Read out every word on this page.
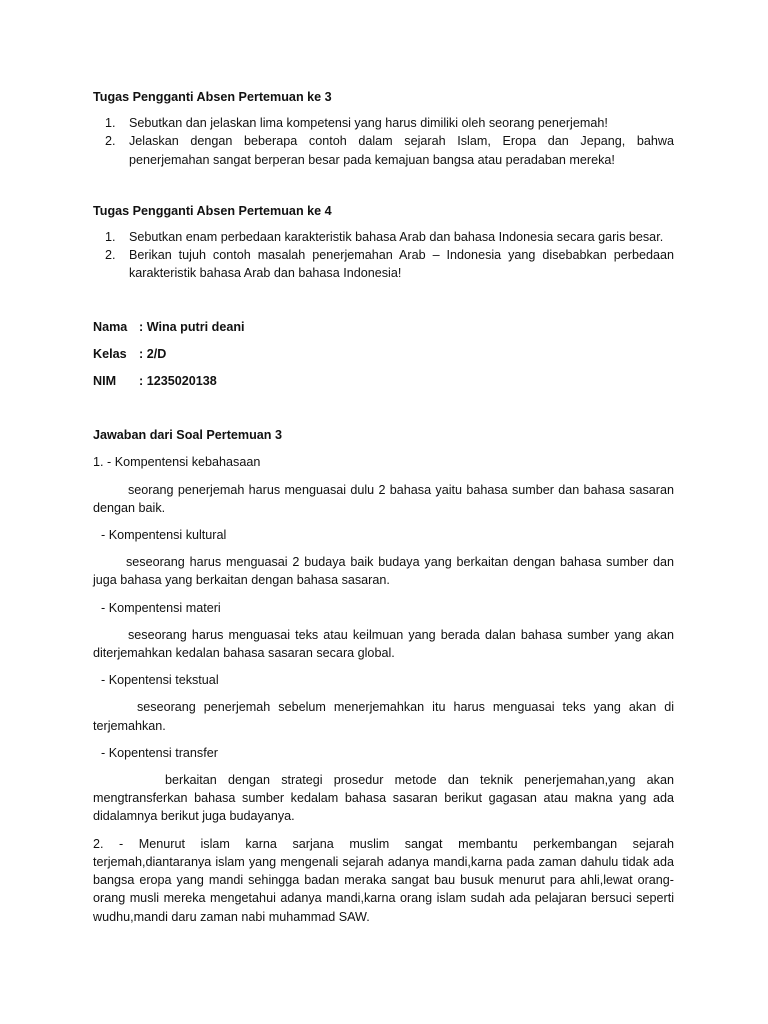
Tugas Pengganti Absen Pertemuan ke 3

1. Sebutkan dan jelaskan lima kompetensi yang harus dimiliki oleh seorang penerjemah!
2. Jelaskan dengan beberapa contoh dalam sejarah Islam, Eropa dan Jepang, bahwa penerjemahan sangat berperan besar pada kemajuan bangsa atau peradaban mereka!

Tugas Pengganti Absen Pertemuan ke 4

1. Sebutkan enam perbedaan karakteristik bahasa Arab dan bahasa Indonesia secara garis besar.
2. Berikan tujuh contoh masalah penerjemahan Arab – Indonesia yang disebabkan perbedaan karakteristik bahasa Arab dan bahasa Indonesia!

Nama : Wina putri deani

Kelas : 2/D

NIM	: 1235020138

Jawaban dari Soal Pertemuan 3

1. - Kompentensi kebahasaan

seorang penerjemah harus menguasai dulu 2 bahasa yaitu bahasa sumber dan bahasa sasaran dengan baik.

- Kompentensi kultural

seseorang harus menguasai 2 budaya baik budaya yang berkaitan dengan bahasa sumber dan juga bahasa yang berkaitan dengan bahasa sasaran.

- Kompentensi materi

seseorang harus menguasai teks atau keilmuan yang berada dalan bahasa sumber yang akan diterjemahkan kedalan bahasa sasaran secara global.

- Kopentensi tekstual

seseorang penerjemah sebelum menerjemahkan itu harus menguasai teks yang akan di terjemahkan.

- Kopentensi transfer

berkaitan dengan strategi prosedur metode dan teknik penerjemahan,yang akan mengtransferkan bahasa sumber kedalam bahasa sasaran berikut gagasan atau makna yang ada didalamnya berikut juga budayanya.

2. - Menurut islam karna sarjana muslim sangat membantu perkembangan sejarah terjemah,diantaranya islam yang mengenali sejarah adanya mandi,karna pada zaman dahulu tidak ada bangsa eropa yang mandi sehingga badan meraka sangat bau busuk menurut para ahli,lewat orang-orang musli mereka mengetahui adanya mandi,karna orang islam sudah ada pelajaran bersuci seperti wudhu,mandi daru zaman nabi muhammad SAW.
